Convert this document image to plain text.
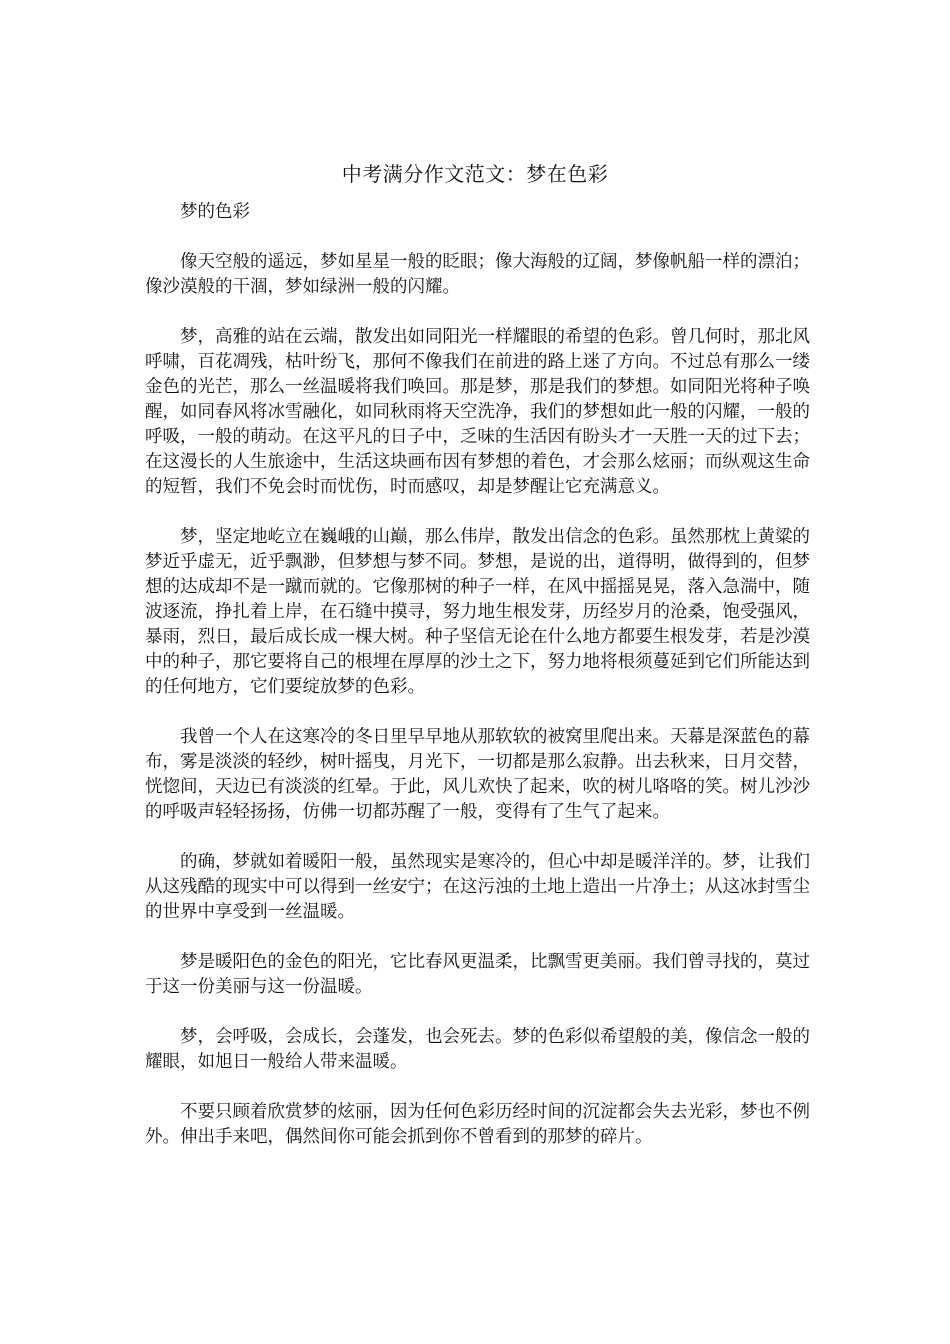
中考满分作文范文：梦在色彩

梦的色彩

像天空般的遥远，梦如星星一般的眨眼；像大海般的辽阔，梦像帆船一样的漂泊；像沙漠般的干涸，梦如绿洲一般的闪耀。

梦，高雅的站在云端，散发出如同阳光一样耀眼的希望的色彩。曾几何时，那北风呼啸，百花凋残，枯叶纷飞，那何不像我们在前进的路上迷了方向。不过总有那么一缕金色的光芒，那么一丝温暖将我们唤回。那是梦，那是我们的梦想。如同阳光将种子唤醒，如同春风将冰雪融化，如同秋雨将天空洗净，我们的梦想如此一般的闪耀，一般的呼吸，一般的萌动。在这平凡的日子中，乏味的生活因有盼头才一天胜一天的过下去；在这漫长的人生旅途中，生活这块画布因有梦想的着色，才会那么炫丽；而纵观这生命的短暂，我们不免会时而忧伤，时而感叹，却是梦醒让它充满意义。

梦，坚定地屹立在巍峨的山巅，那么伟岸，散发出信念的色彩。虽然那枕上黄粱的梦近乎虚无，近乎飘渺，但梦想与梦不同。梦想，是说的出，道得明，做得到的，但梦想的达成却不是一蹴而就的。它像那树的种子一样，在风中摇摇晃晃，落入急湍中，随波逐流，挣扎着上岸，在石缝中摸寻，努力地生根发芽，历经岁月的沧桑，饱受强风，暴雨，烈日，最后成长成一棵大树。种子坚信无论在什么地方都要生根发芽，若是沙漠中的种子，那它要将自己的根埋在厚厚的沙土之下，努力地将根须蔓延到它们所能达到的任何地方，它们要绽放梦的色彩。

我曾一个人在这寒冷的冬日里早早地从那软软的被窝里爬出来。天幕是深蓝色的幕布，雾是淡淡的轻纱，树叶摇曳，月光下，一切都是那么寂静。出去秋来，日月交替，恍惚间，天边已有淡淡的红晕。于此，风儿欢快了起来，吹的树儿咯咯的笑。树儿沙沙的呼吸声轻轻扬扬，仿佛一切都苏醒了一般，变得有了生气了起来。

的确，梦就如着暖阳一般，虽然现实是寒冷的，但心中却是暖洋洋的。梦，让我们从这残酷的现实中可以得到一丝安宁；在这污浊的土地上造出一片净土；从这冰封雪尘的世界中享受到一丝温暖。

梦是暖阳色的金色的阳光，它比春风更温柔，比飘雪更美丽。我们曾寻找的，莫过于这一份美丽与这一份温暖。

梦，会呼吸，会成长，会蓬发，也会死去。梦的色彩似希望般的美，像信念一般的耀眼，如旭日一般给人带来温暖。

不要只顾着欣赏梦的炫丽，因为任何色彩历经时间的沉淀都会失去光彩，梦也不例外。伸出手来吧，偶然间你可能会抓到你不曾看到的那梦的碎片。
